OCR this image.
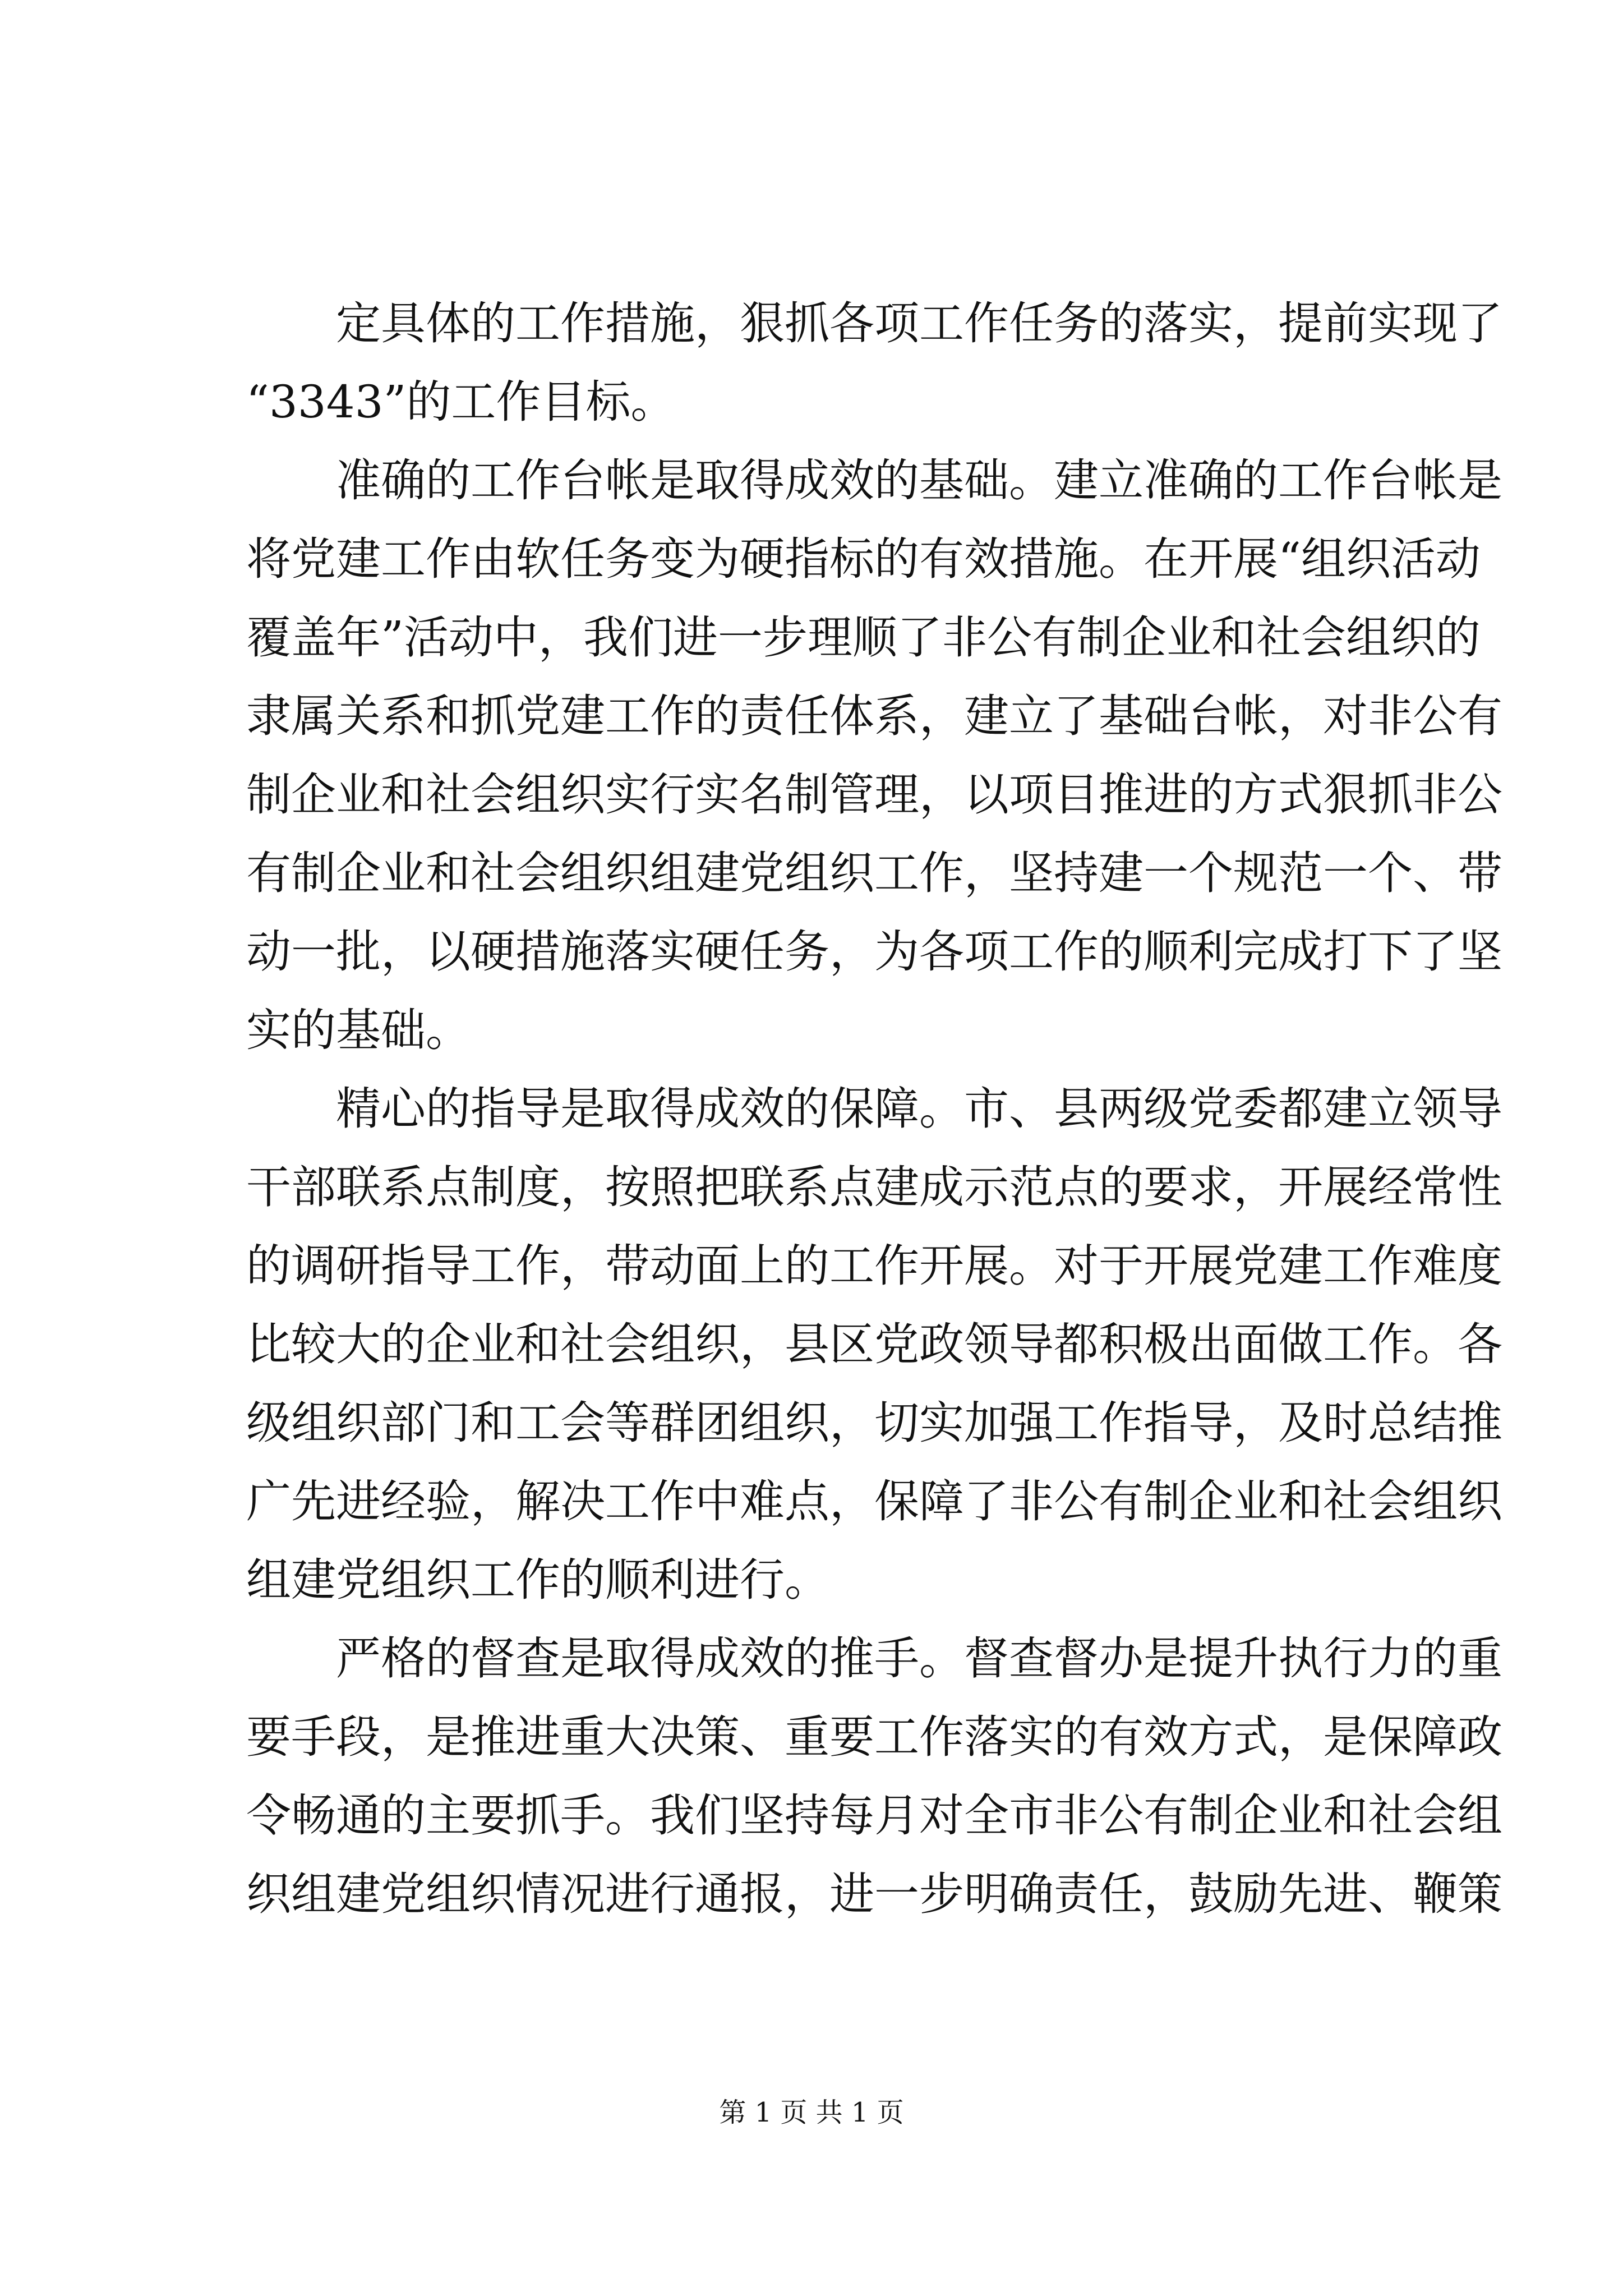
　　定具体的工作措施，狠抓各项工作任务的落实，提前实现了
“3343”的工作目标。
　　准确的工作台帐是取得成效的基础。建立准确的工作台帐是
将党建工作由软任务变为硬指标的有效措施。在开展“组织活动
覆盖年”活动中，我们进一步理顺了非公有制企业和社会组织的
隶属关系和抓党建工作的责任体系，建立了基础台帐，对非公有
制企业和社会组织实行实名制管理，以项目推进的方式狠抓非公
有制企业和社会组织组建党组织工作，坚持建一个规范一个、带
动一批，以硬措施落实硬任务，为各项工作的顺利完成打下了坚
实的基础。
　　精心的指导是取得成效的保障。市、县两级党委都建立领导
干部联系点制度，按照把联系点建成示范点的要求，开展经常性
的调研指导工作，带动面上的工作开展。对于开展党建工作难度
比较大的企业和社会组织，县区党政领导都积极出面做工作。各
级组织部门和工会等群团组织，切实加强工作指导，及时总结推
广先进经验，解决工作中难点，保障了非公有制企业和社会组织
组建党组织工作的顺利进行。
　　严格的督查是取得成效的推手。督查督办是提升执行力的重
要手段，是推进重大决策、重要工作落实的有效方式，是保障政
令畅通的主要抓手。我们坚持每月对全市非公有制企业和社会组
织组建党组织情况进行通报，进一步明确责任，鼓励先进、鞭策
第 1 页 共 1 页
